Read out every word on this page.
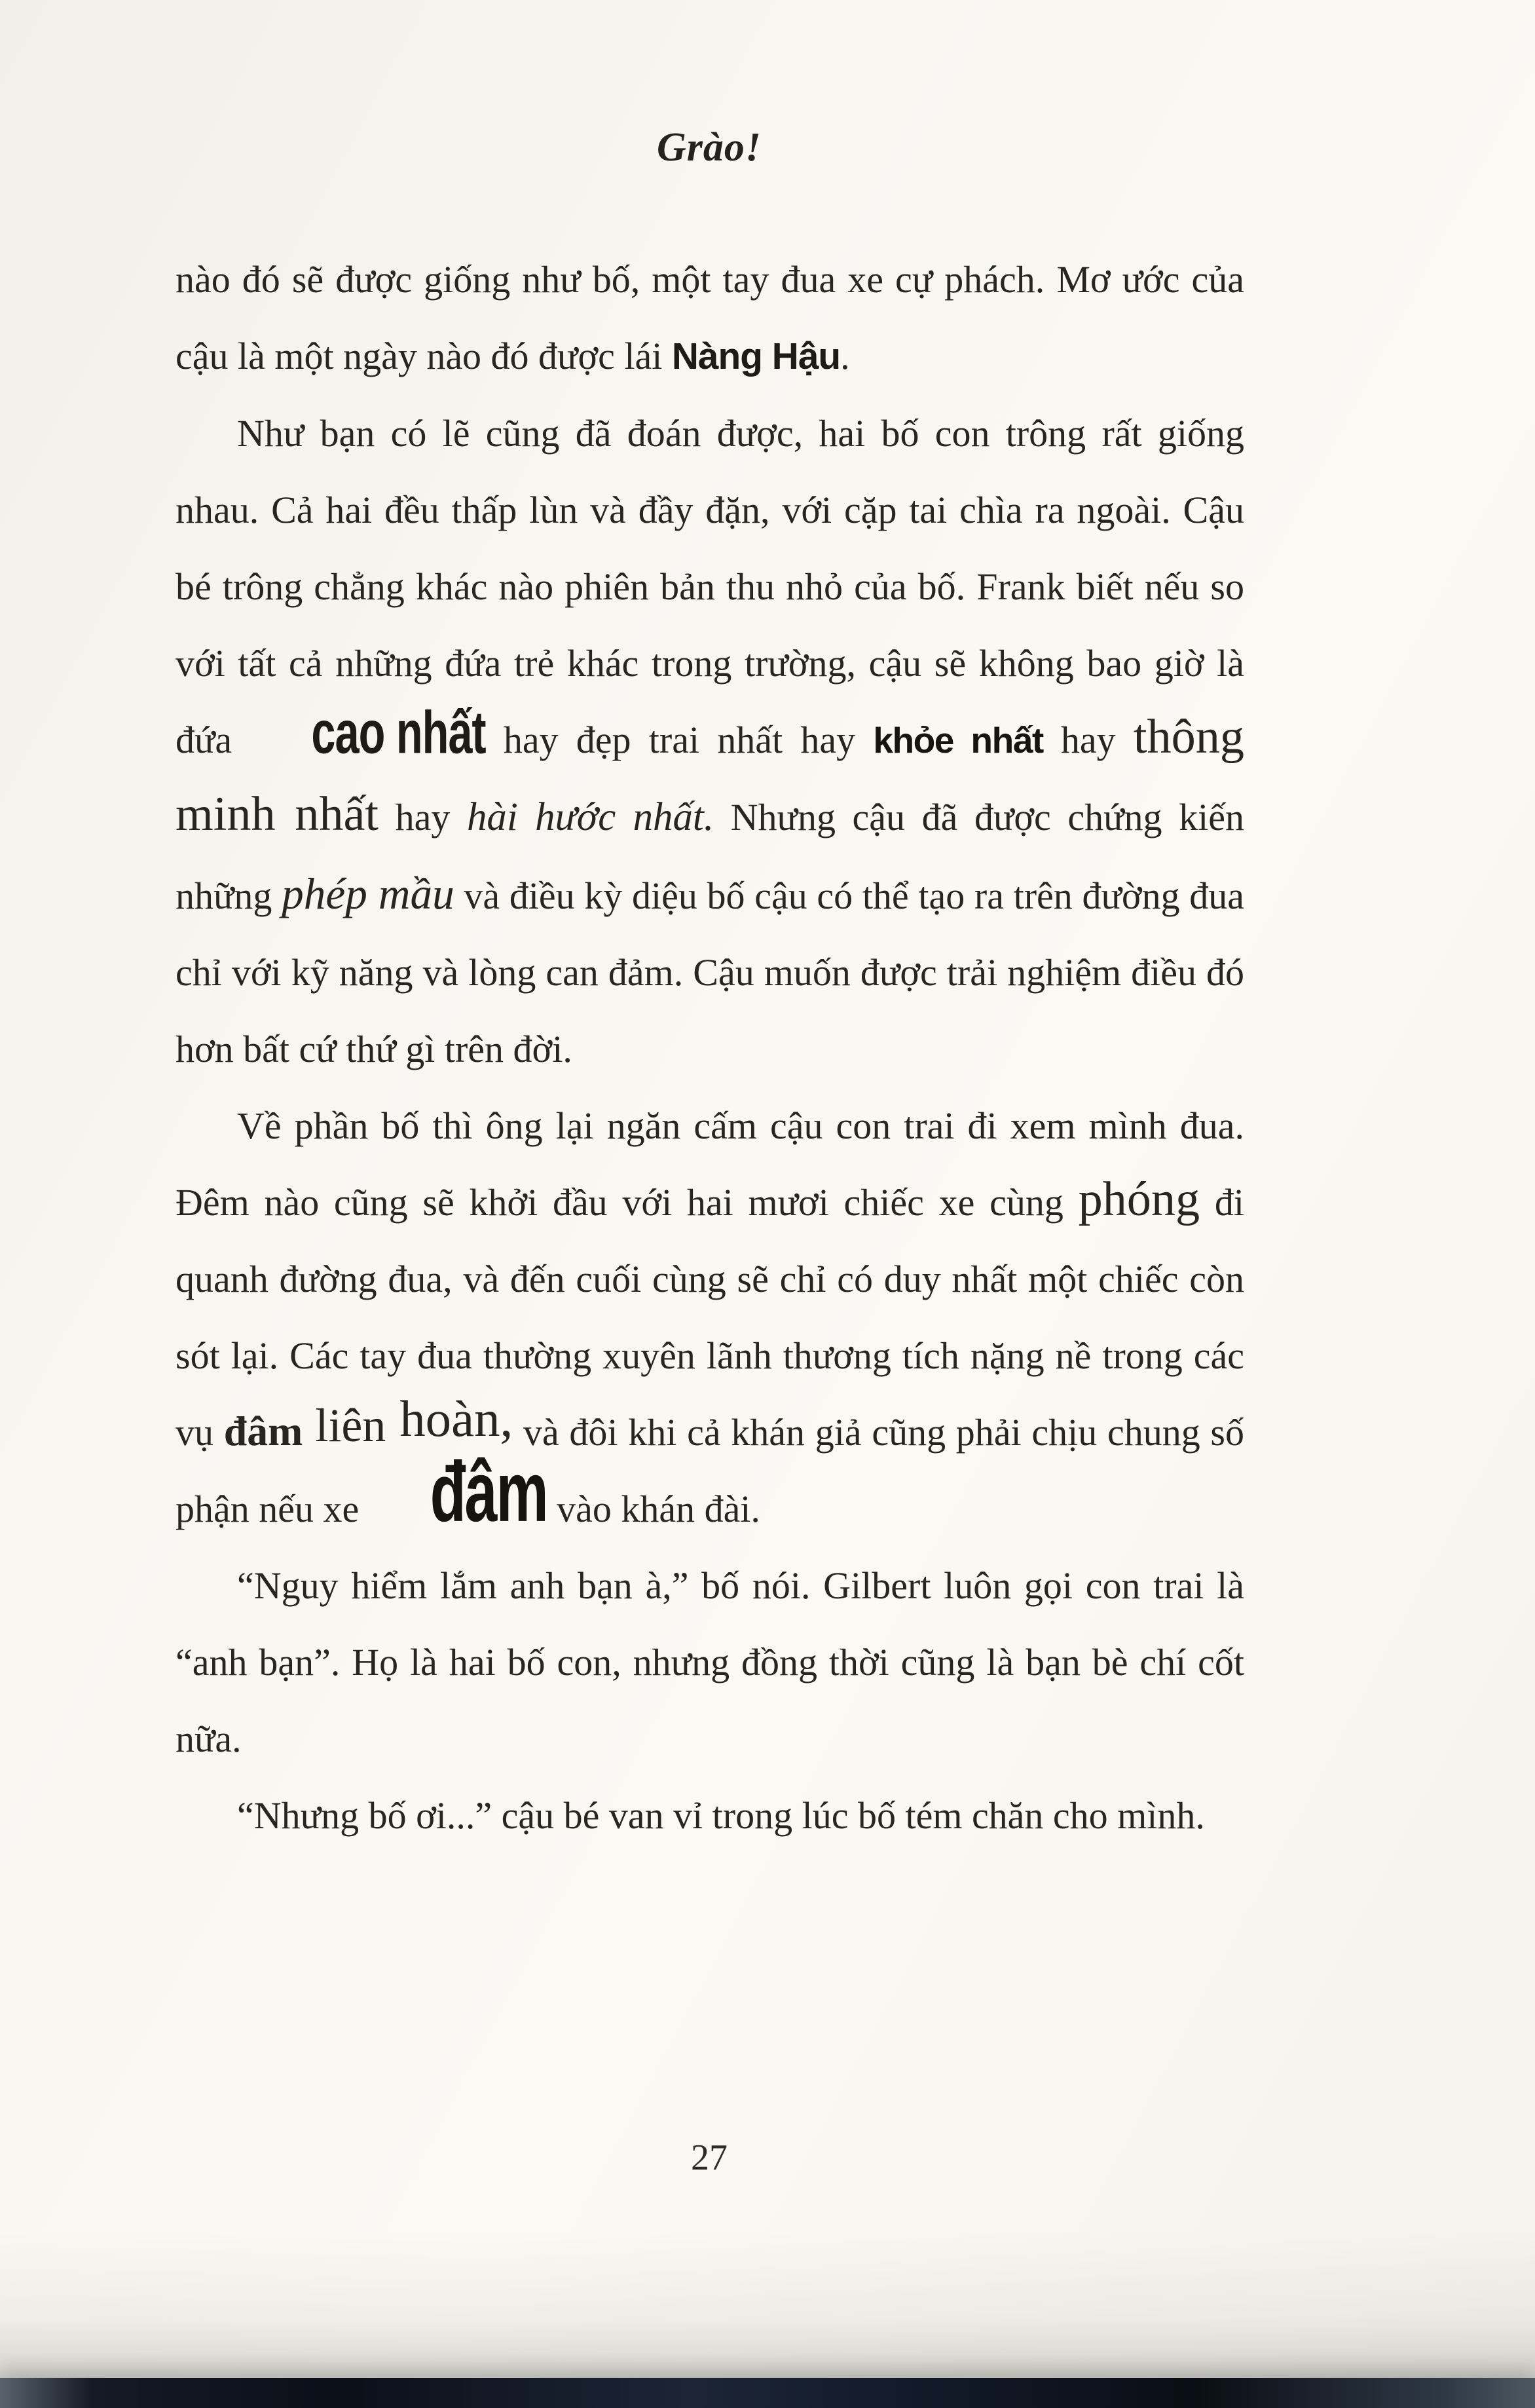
Grào!

nào đó sẽ được giống như bố, một tay đua xe cự phách. Mơ ước của cậu là một ngày nào đó được lái Nàng Hậu.

Như bạn có lẽ cũng đã đoán được, hai bố con trông rất giống nhau. Cả hai đều thấp lùn và đầy đặn, với cặp tai chìa ra ngoài. Cậu bé trông chẳng khác nào phiên bản thu nhỏ của bố. Frank biết nếu so với tất cả những đứa trẻ khác trong trường, cậu sẽ không bao giờ là đứa cao nhất hay đẹp trai nhất hay khỏe nhất hay thông minh nhất hay hài hước nhất. Nhưng cậu đã được chứng kiến những phép mầu và điều kỳ diệu bố cậu có thể tạo ra trên đường đua chỉ với kỹ năng và lòng can đảm. Cậu muốn được trải nghiệm điều đó hơn bất cứ thứ gì trên đời.

Về phần bố thì ông lại ngăn cấm cậu con trai đi xem mình đua. Đêm nào cũng sẽ khởi đầu với hai mươi chiếc xe cùng phóng đi quanh đường đua, và đến cuối cùng sẽ chỉ có duy nhất một chiếc còn sót lại. Các tay đua thường xuyên lãnh thương tích nặng nề trong các vụ đâm liên hoàn, và đôi khi cả khán giả cũng phải chịu chung số phận nếu xe đâm vào khán đài.

“Nguy hiểm lắm anh bạn à,” bố nói. Gilbert luôn gọi con trai là “anh bạn”. Họ là hai bố con, nhưng đồng thời cũng là bạn bè chí cốt nữa.

“Nhưng bố ơi...” cậu bé van vỉ trong lúc bố tém chăn cho mình.

27
